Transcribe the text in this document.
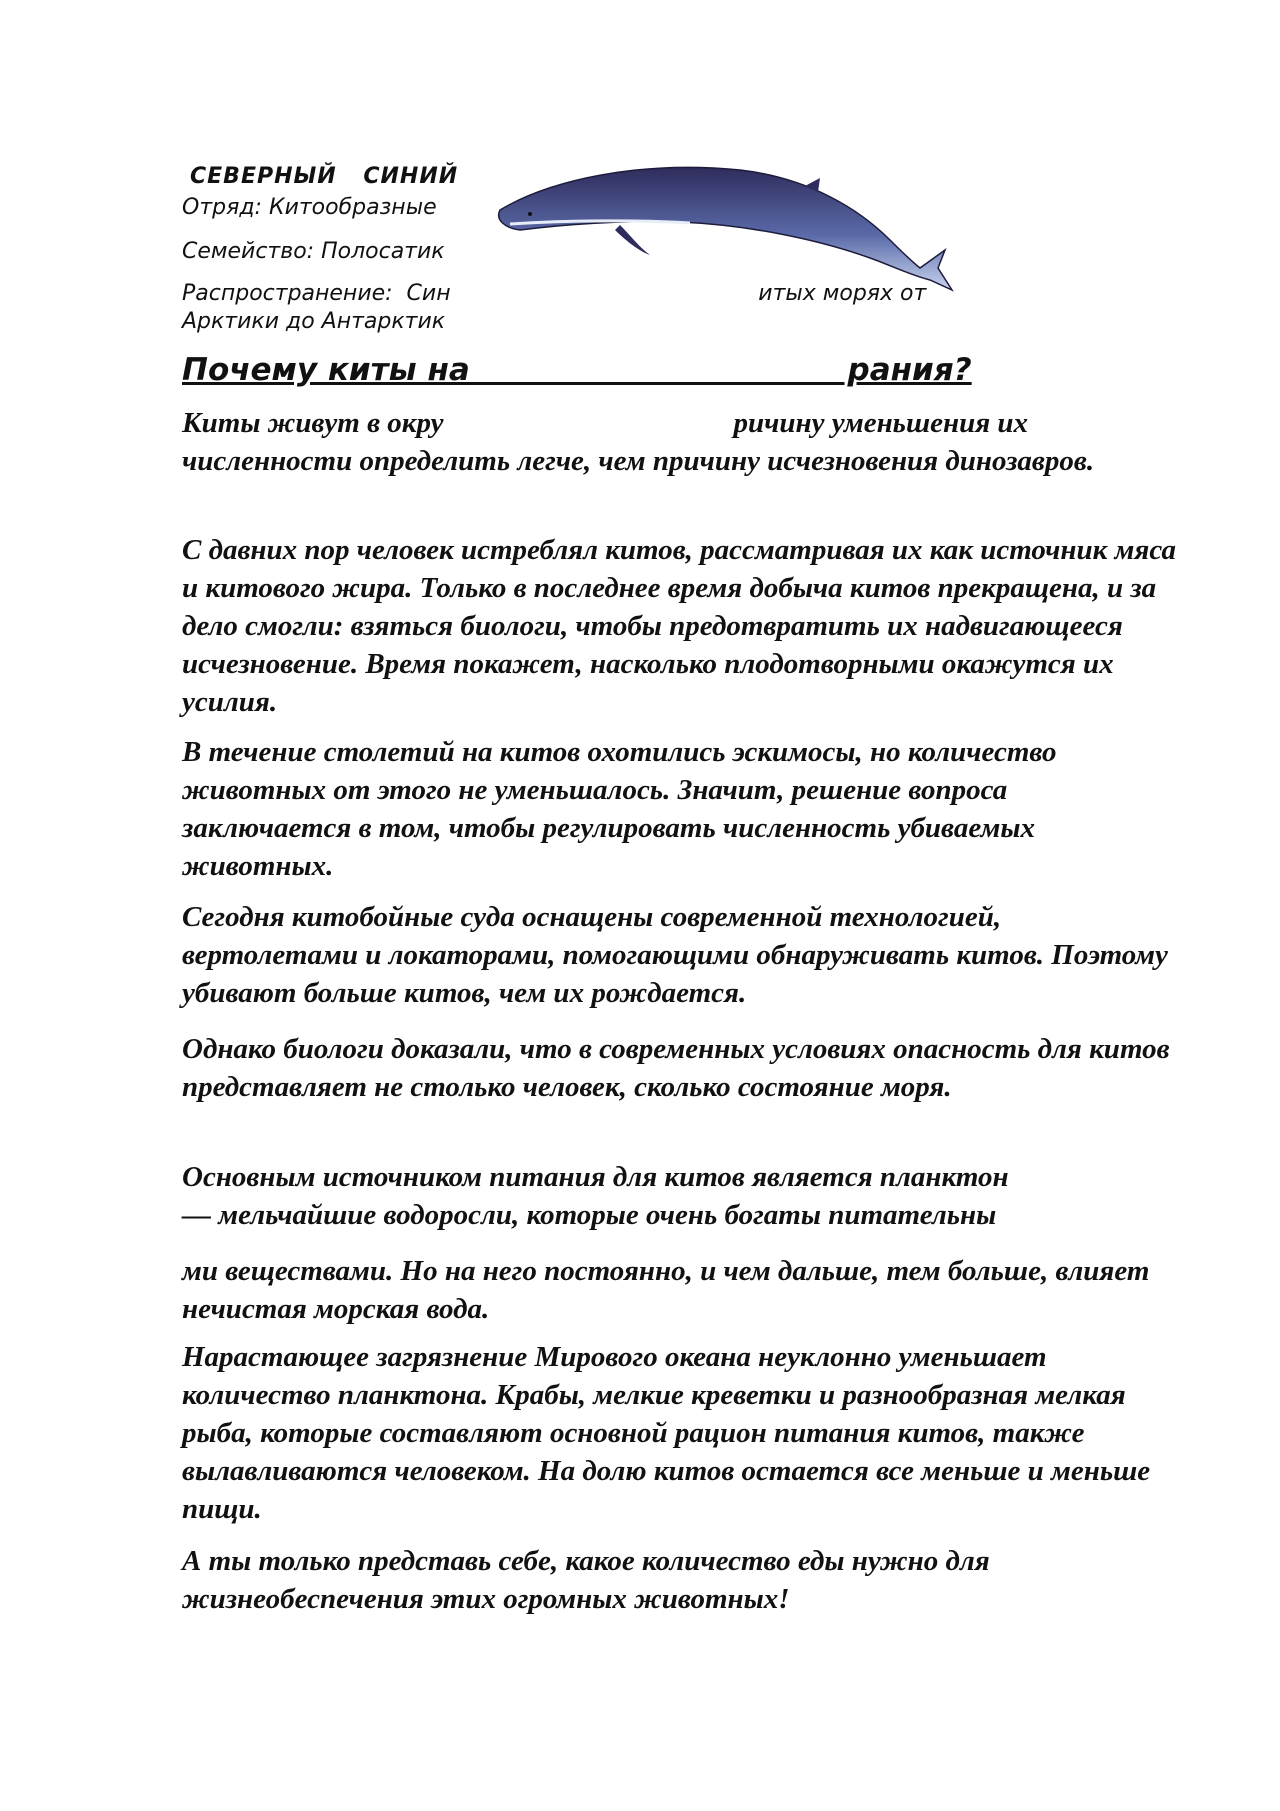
СЕВЕРНЫЙ СИНИЙ
Отряд: Китообразные
Семейство: Полосатик
Распространение:  Син                                            итых морях от
Арктики до Антарктик
Почему киты на                                   рания?

Киты живут в окру                                        ричину уменьшения их численности определить легче, чем причину исчезновения динозавров.

С давних пор человек истреблял китов, рассматривая их как источник мяса и китового жира. Только в последнее время добыча китов прекращена, и за дело смогли: взяться биологи, чтобы предотвратить их надвигающееся исчезновение. Время покажет, насколько плодотворными окажутся их усилия.

В течение столетий на китов охотились эскимосы, но количество животных от этого не уменьшалось. Значит, решение вопроса заключается в том, чтобы регулировать численность убиваемых животных.

Сегодня китобойные суда оснащены современной технологией, вертолетами и локаторами, помогающими обнаруживать китов. Поэтому убивают больше китов, чем их рождается.

Однако биологи доказали, что в современных условиях опасность для китов представляет не столько человек, сколько состояние моря.

Основным источником питания для китов является планктон

— мельчайшие водоросли, которые очень богаты питательны

ми веществами. Но на него постоянно, и чем дальше, тем больше, влияет нечистая морская вода.

Нарастающее загрязнение Мирового океана неуклонно уменьшает количество планктона. Крабы, мелкие креветки и разнообразная мелкая рыба, которые составляют основной рацион питания китов, также вылавливаются человеком. На долю китов остается все меньше и меньше пищи.

А ты только представь себе, какое количество еды нужно для жизнеобеспечения этих огромных животных!
